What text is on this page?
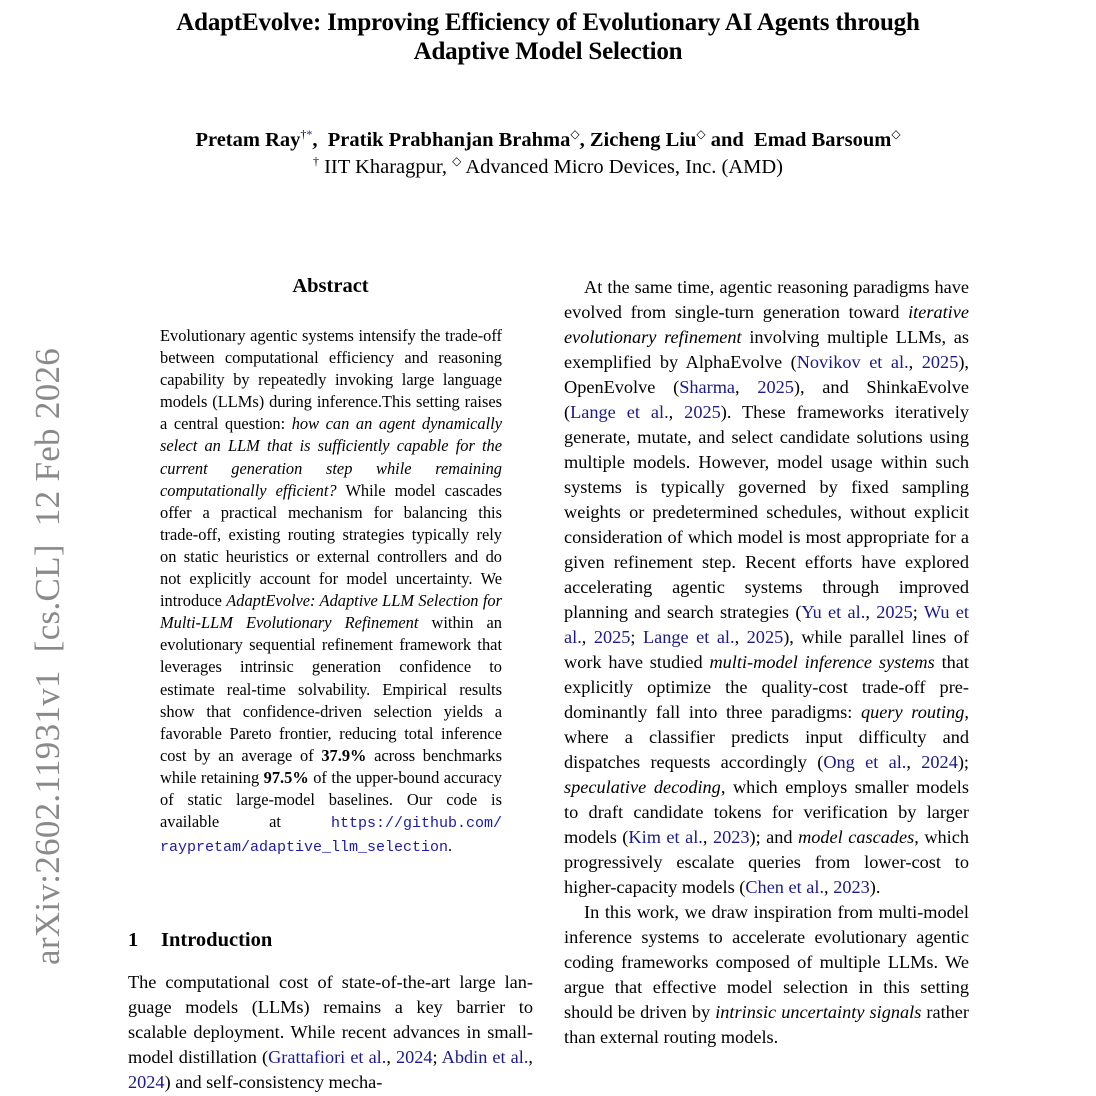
arXiv:2602.11931v1[cs.CL]12 Feb 2026
AdaptEvolve: Improving Efficiency of Evolutionary AI Agents through
Adaptive Model Selection
Pretam Ray†*,  Pratik Prabhanjan Brahma◇, Zicheng Liu◇ and Emad Barsoum◇
† IIT Kharagpur, ◇ Advanced Micro Devices, Inc. (AMD)
Abstract
Evolutionary agentic systems intensify the trade-off between computational efficiency and reasoning capability by repeatedly invoking large language models (LLMs) during inference.This setting raises a central question: how can an agent dynamically select an LLM that is sufficiently capable for the current generation step while remaining computationally efficient? While model cascades offer a practical mechanism for balancing this trade-off, existing routing strategies typically rely on static heuristics or external controllers and do not explicitly account for model uncertainty. We introduce AdaptEvolve: Adaptive LLM Selection for Multi-LLM Evolutionary Refinement within an evolutionary sequential refinement framework that leverages intrinsic generation confidence to estimate real-time solvability. Empirical results show that confidence-driven selection yields a favorable Pareto frontier, reducing total inference cost by an average of 37.9% across benchmarks while retaining 97.5% of the upper-bound accuracy of static large-model baselines. Our code is available at https://github.com/ raypretam/adaptive_llm_selection.
1 Introduction

The computational cost of state-of-the-art large language models (LLMs) remains a key barrier to scalable deployment. While recent advances in small-model distillation (Grattafiori et al., 2024; Abdin et al., 2024) and self-consistency mecha-

At the same time, agentic reasoning paradigms have evolved from single-turn generation toward iterative evolutionary refinement involving multiple LLMs, as exemplified by AlphaEvolve (Novikov et al., 2025), OpenEvolve (Sharma, 2025), and ShinkaEvolve (Lange et al., 2025). These frameworks iteratively generate, mutate, and select candidate solutions using multiple models. However, model usage within such systems is typically governed by fixed sampling weights or predetermined schedules, without explicit consideration of which model is most appropriate for a given refinement step. Recent efforts have explored accelerating agentic systems through improved planning and search strategies (Yu et al., 2025; Wu et al., 2025; Lange et al., 2025), while parallel lines of work have studied multi-model inference systems that explicitly optimize the quality-cost trade-off predominantly fall into three paradigms: query routing, where a classifier predicts input difficulty and dispatches requests accordingly (Ong et al., 2024); speculative decoding, which employs smaller models to draft candidate tokens for verification by larger models (Kim et al., 2023); and model cascades, which progressively escalate queries from lower-cost to higher-capacity models (Chen et al., 2023).

In this work, we draw inspiration from multi-model inference systems to accelerate evolutionary agentic coding frameworks composed of multiple LLMs. We argue that effective model selection in this setting should be driven by intrinsic uncertainty signals rather than external routing models.
